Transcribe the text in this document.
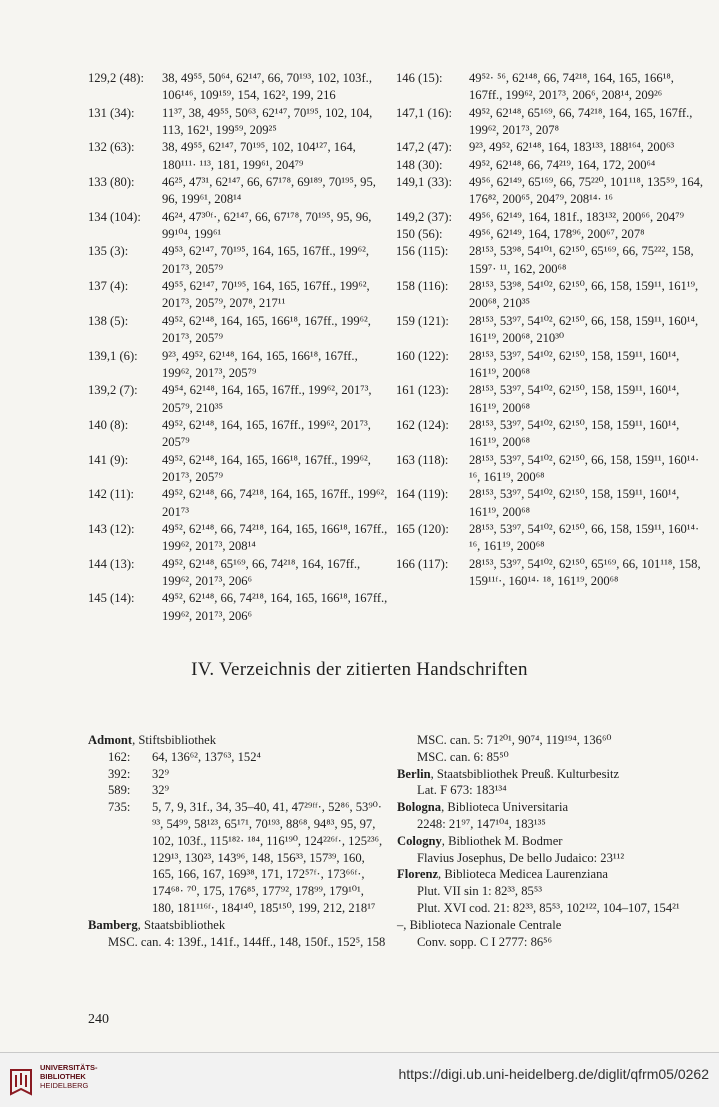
129,2 (48):	38, 49⁵⁵, 50⁶⁴, 62¹⁴⁷, 66, 70¹⁹³, 102, 103f., 106¹⁴⁶, 109¹⁵⁹, 154, 162², 199, 216
131 (34):	11³⁷, 38, 49⁵⁵, 50⁶³, 62¹⁴⁷, 70¹⁹⁵, 102, 104, 113, 162¹, 199⁵⁹, 209²⁵
132 (63):	38, 49⁵⁵, 62¹⁴⁷, 70¹⁹⁵, 102, 104¹²⁷, 164, 180¹¹¹· ¹¹³, 181, 199⁶¹, 204⁷⁹
133 (80):	46²⁵, 47³¹, 62¹⁴⁷, 66, 67¹⁷⁸, 69¹⁸⁹, 70¹⁹⁵, 95, 96, 199⁶¹, 208¹⁴
134 (104):	46²⁴, 47³⁰ᶠ·, 62¹⁴⁷, 66, 67¹⁷⁸, 70¹⁹⁵, 95, 96, 99¹⁰⁴, 199⁶¹
135 (3):	49⁵³, 62¹⁴⁷, 70¹⁹⁵, 164, 165, 167ff., 199⁶², 201⁷³, 205⁷⁹
137 (4):	49⁵⁵, 62¹⁴⁷, 70¹⁹⁵, 164, 165, 167ff., 199⁶², 201⁷³, 205⁷⁹, 207⁸, 217¹¹
138 (5):	49⁵², 62¹⁴⁸, 164, 165, 166¹⁸, 167ff., 199⁶², 201⁷³, 205⁷⁹
139,1 (6):	9²³, 49⁵², 62¹⁴⁸, 164, 165, 166¹⁸, 167ff., 199⁶², 201⁷³, 205⁷⁹
139,2 (7):	49⁵⁴, 62¹⁴⁸, 164, 165, 167ff., 199⁶², 201⁷³, 205⁷⁹, 210³⁵
140 (8):	49⁵², 62¹⁴⁸, 164, 165, 167ff., 199⁶², 201⁷³, 205⁷⁹
141 (9):	49⁵², 62¹⁴⁸, 164, 165, 166¹⁸, 167ff., 199⁶², 201⁷³, 205⁷⁹
142 (11):	49⁵², 62¹⁴⁸, 66, 74²¹⁸, 164, 165, 167ff., 199⁶², 201⁷³
143 (12):	49⁵², 62¹⁴⁸, 66, 74²¹⁸, 164, 165, 166¹⁸, 167ff., 199⁶², 201⁷³, 208¹⁴
144 (13):	49⁵², 62¹⁴⁸, 65¹⁶⁹, 66, 74²¹⁸, 164, 167ff., 199⁶², 201⁷³, 206⁶
145 (14):	49⁵², 62¹⁴⁸, 66, 74²¹⁸, 164, 165, 166¹⁸, 167ff., 199⁶², 201⁷³, 206⁶
146 (15):	49⁵²· ⁵⁶, 62¹⁴⁸, 66, 74²¹⁸, 164, 165, 166¹⁸, 167ff., 199⁶², 201⁷³, 206⁶, 208¹⁴, 209²⁶
147,1 (16):	49⁵², 62¹⁴⁸, 65¹⁶⁹, 66, 74²¹⁸, 164, 165, 167ff., 199⁶², 201⁷³, 207⁸
147,2 (47):	9²³, 49⁵², 62¹⁴⁸, 164, 183¹³³, 188¹⁶⁴, 200⁶³
148 (30):	49⁵², 62¹⁴⁸, 66, 74²¹⁹, 164, 172, 200⁶⁴
149,1 (33):	49⁵⁶, 62¹⁴⁹, 65¹⁶⁹, 66, 75²²⁰, 101¹¹⁸, 135⁵⁹, 164, 176⁸², 200⁶⁵, 204⁷⁹, 208¹⁴· ¹⁶
149,2 (37):	49⁵⁶, 62¹⁴⁹, 164, 181f., 183¹³², 200⁶⁶, 204⁷⁹
150 (56):	49⁵⁶, 62¹⁴⁹, 164, 178⁹⁶, 200⁶⁷, 207⁸
156 (115):	28¹⁵³, 53⁹⁸, 54¹⁰¹, 62¹⁵⁰, 65¹⁶⁹, 66, 75²²², 158, 159⁷· ¹¹, 162, 200⁶⁸
158 (116):	28¹⁵³, 53⁹⁸, 54¹⁰², 62¹⁵⁰, 66, 158, 159¹¹, 161¹⁹, 200⁶⁸, 210³⁵
159 (121):	28¹⁵³, 53⁹⁷, 54¹⁰², 62¹⁵⁰, 66, 158, 159¹¹, 160¹⁴, 161¹⁹, 200⁶⁸, 210³⁰
160 (122):	28¹⁵³, 53⁹⁷, 54¹⁰², 62¹⁵⁰, 158, 159¹¹, 160¹⁴, 161¹⁹, 200⁶⁸
161 (123):	28¹⁵³, 53⁹⁷, 54¹⁰², 62¹⁵⁰, 158, 159¹¹, 160¹⁴, 161¹⁹, 200⁶⁸
162 (124):	28¹⁵³, 53⁹⁷, 54¹⁰², 62¹⁵⁰, 158, 159¹¹, 160¹⁴, 161¹⁹, 200⁶⁸
163 (118):	28¹⁵³, 53⁹⁷, 54¹⁰², 62¹⁵⁰, 66, 158, 159¹¹, 160¹⁴· ¹⁶, 161¹⁹, 200⁶⁸
164 (119):	28¹⁵³, 53⁹⁷, 54¹⁰², 62¹⁵⁰, 158, 159¹¹, 160¹⁴, 161¹⁹, 200⁶⁸
165 (120):	28¹⁵³, 53⁹⁷, 54¹⁰², 62¹⁵⁰, 66, 158, 159¹¹, 160¹⁴· ¹⁶, 161¹⁹, 200⁶⁸
166 (117):	28¹⁵³, 53⁹⁷, 54¹⁰², 62¹⁵⁰, 65¹⁶⁹, 66, 101¹¹⁸, 158, 159¹¹ᶠ·, 160¹⁴· ¹⁸, 161¹⁹, 200⁶⁸
IV. Verzeichnis der zitierten Handschriften
Admont, Stiftsbibliothek
162:	64, 136⁶², 137⁶³, 152⁴
392:	32⁹
589:	32⁹
735:	5, 7, 9, 31f., 34, 35–40, 41, 47²⁹ᶠᶠ·, 52⁸⁶, 53⁹⁰· ⁹³, 54⁹⁹, 58¹²³, 65¹⁷¹, 70¹⁹³, 88⁶⁸, 94⁸³, 95, 97, 102, 103f., 115¹⁸²· ¹⁸⁴, 116¹⁹⁰, 124²²⁶ᶠ·, 125²³⁶, 129¹³, 130²³, 143⁹⁶, 148, 156³³, 157³⁹, 160, 165, 166, 167, 169³⁸, 171, 172⁵⁷ᶠ·, 173⁶⁶ᶠ·, 174⁶⁸· ⁷⁰, 175, 176⁸⁵, 177⁹², 178⁹⁹, 179¹⁰¹, 180, 181¹¹⁶ᶠ·, 184¹⁴⁰, 185¹⁵⁰, 199, 212, 218¹⁷
Bamberg, Staatsbibliothek
MSC. can. 4: 139f., 141f., 144ff., 148, 150f., 152⁵, 158
MSC. can. 5: 71²⁰¹, 90⁷⁴, 119¹⁹⁴, 136⁶⁰
MSC. can. 6: 85⁵⁰
Berlin, Staatsbibliothek Preuß. Kulturbesitz
Lat. F 673: 183¹³⁴
Bologna, Biblioteca Universitaria
2248: 21⁹⁷, 147¹⁰⁴, 183¹³⁵
Cologny, Bibliothek M. Bodmer
Flavius Josephus, De bello Judaico: 23¹¹²
Florenz, Biblioteca Medicea Laurenziana
Plut. VII sin 1: 82³³, 85⁵³
Plut. XVI cod. 21: 82³³, 85⁵³, 102¹²², 104–107, 154²¹
–, Biblioteca Nazionale Centrale
Conv. sopp. C I 2777: 86⁵⁶
240
UNIVERSITÄTS-
BIBLIOTHEK
HEIDELBERG
https://digi.ub.uni-heidelberg.de/diglit/qfrm05/0262
